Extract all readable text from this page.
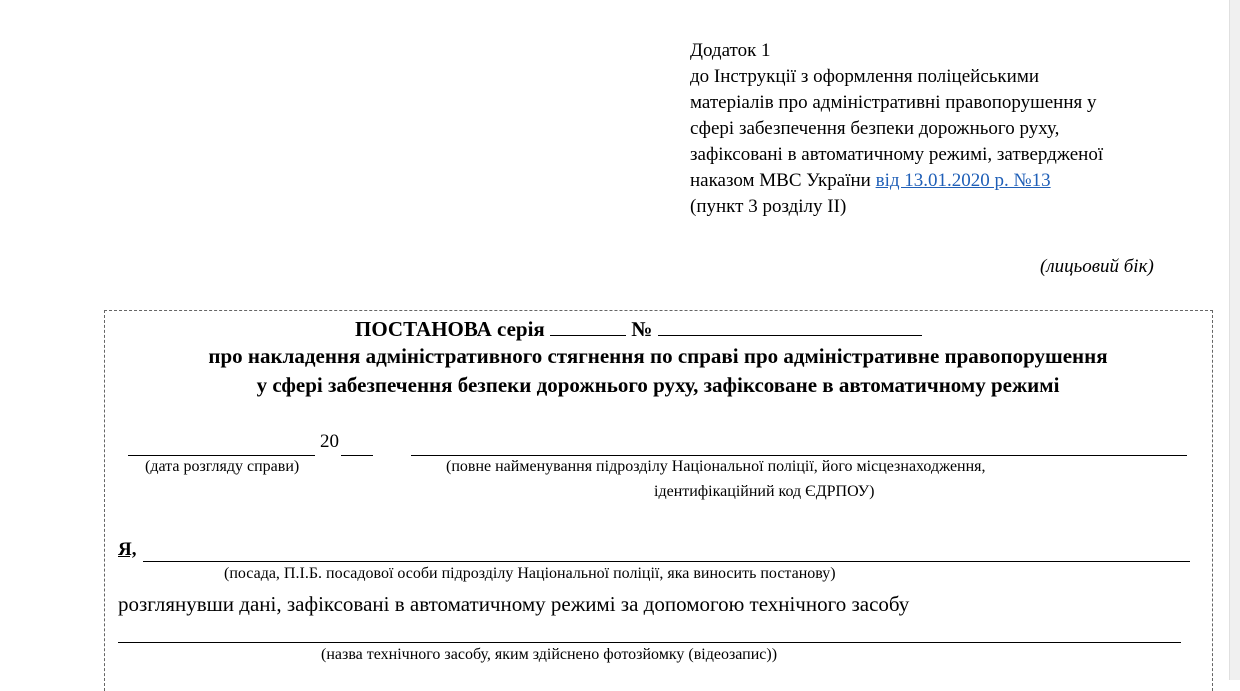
Додаток 1
до Інструкції з оформлення поліцейськими
матеріалів про адміністративні правопорушення у
сфері забезпечення безпеки дорожнього руху,
зафіксовані в автоматичному режимі, затвердженої
наказом МВС України від 13.01.2020 р. №13
(пункт 3 розділу ІІ)
(лицьовий бік)
ПОСТАНОВА серія	№
про накладення адміністративного стягнення по справі про адміністративне правопорушення
у сфері забезпечення безпеки дорожнього руху, зафіксоване в автоматичному режимі
20
(дата розгляду справи)	(повне найменування підрозділу Національної поліції, його місцезнаходження,
ідентифікаційний код ЄДРПОУ)
Я,
(посада, П.І.Б. посадової особи підрозділу Національної поліції, яка виносить постанову)
розглянувши дані, зафіксовані в автоматичному режимі за допомогою технічного засобу
(назва технічного засобу, яким здійснено фотозйомку (відеозапис))
